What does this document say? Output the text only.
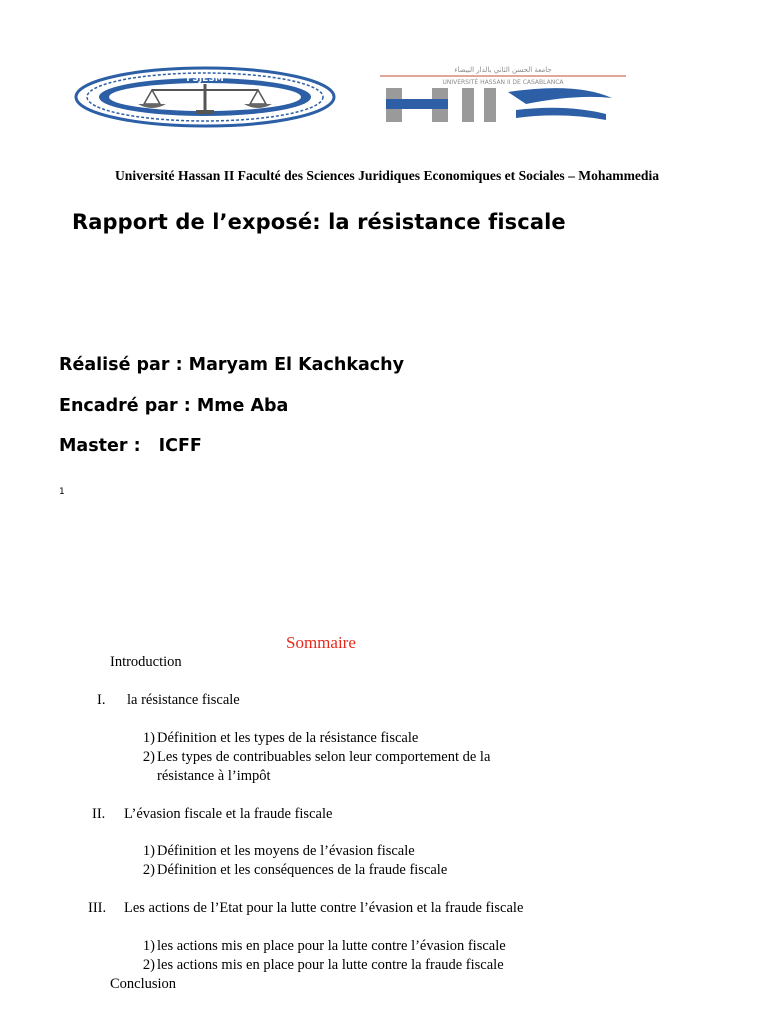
FSJESM
جامعة الحسن الثاني بالدار البيضاء
UNIVERSITÉ HASSAN II DE CASABLANCA
Université Hassan II Faculté des Sciences Juridiques Economiques et Sociales – Mohammedia
Rapport de l’exposé: la résistance fiscale
Réalisé par : Maryam El Kachkachy
Encadré par : Mme Aba
Master : ICFF
1
Sommaire
Introduction
I. la résistance fiscale
1) Définition et les types de la résistance fiscale
2) Les types de contribuables selon leur comportement de la
résistance à l’impôt
II. L’évasion fiscale et la fraude fiscale
1) Définition et les moyens de l’évasion fiscale
2) Définition et les conséquences de la fraude fiscale
III. Les actions de l’Etat pour la lutte contre l’évasion et la fraude fiscale
1) les actions mis en place pour la lutte contre l’évasion fiscale
2) les actions mis en place pour la lutte contre la fraude fiscale
Conclusion
